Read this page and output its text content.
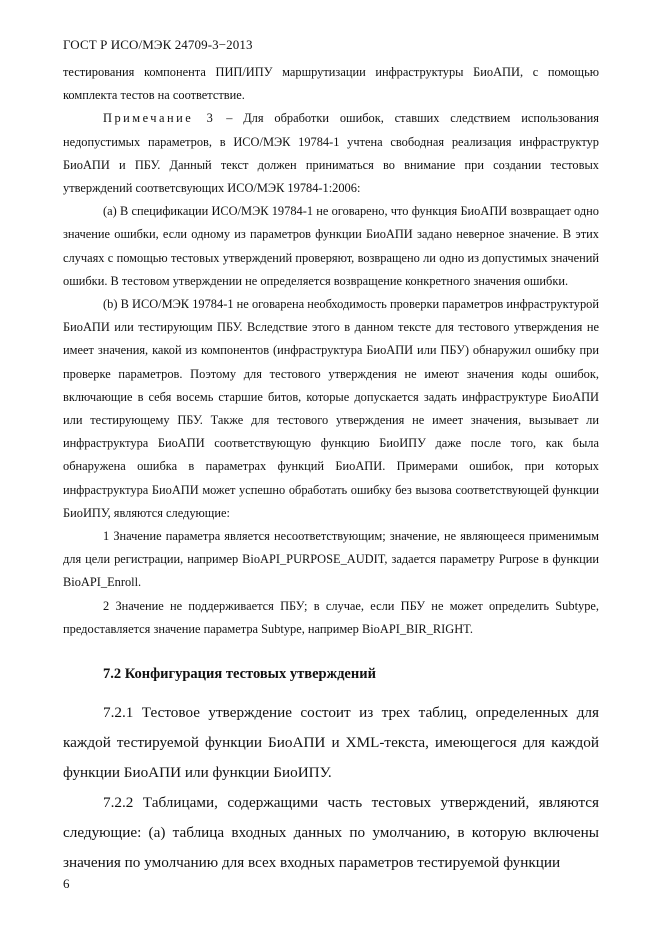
ГОСТ Р ИСО/МЭК 24709-3−2013

тестирования компонента ПИП/ИПУ маршрутизации инфраструктуры БиоАПИ, с помощью комплекта тестов на соответствие.

Примечание 3 – Для обработки ошибок, ставших следствием использования недопустимых параметров, в ИСО/МЭК 19784-1 учтена свободная реализация инфраструктур БиоАПИ и ПБУ. Данный текст должен приниматься во внимание при создании тестовых утверждений соответсвующих ИСО/МЭК 19784-1:2006:

(a) В спецификации ИСО/МЭК 19784-1 не оговарено, что функция БиоАПИ возвращает одно значение ошибки, если одному из параметров функции БиоАПИ задано неверное значение. В этих случаях с помощью тестовых утверждений проверяют, возвращено ли одно из допустимых значений ошибки. В тестовом утверждении не определяется возвращение конкретного значения ошибки.

(b) В ИСО/МЭК 19784-1 не оговарена необходимость проверки параметров инфраструктурой БиоАПИ или тестирующим ПБУ. Вследствие этого в данном тексте для тестового утверждения не имеет значения, какой из компонентов (инфраструктура БиоАПИ или ПБУ) обнаружил ошибку при проверке параметров. Поэтому для тестового утверждения не имеют значения коды ошибок, включающие в себя восемь старшие битов, которые допускается задать инфраструктуре БиоАПИ или тестирующему ПБУ. Также для тестового утверждения не имеет значения, вызывает ли инфраструктура БиоАПИ соответствующую функцию БиоИПУ даже после того, как была обнаружена ошибка в параметрах функций БиоАПИ. Примерами ошибок, при которых инфраструктура БиоАПИ может успешно обработать ошибку без вызова соответствующей функции БиоИПУ, являются следующие:

1 Значение параметра является несоответствующим; значение, не являющееся применимым для цели регистрации, например BioAPI_PURPOSE_AUDIT, задается параметру Purpose в функции BioAPI_Enroll.

2 Значение не поддерживается ПБУ; в случае, если ПБУ не может определить Subtype, предоставляется значение параметра Subtype, например BioAPI_BIR_RIGHT.

7.2 Конфигурация тестовых утверждений

7.2.1 Тестовое утверждение состоит из трех таблиц, определенных для каждой тестируемой функции БиоАПИ и XML-текста, имеющегося для каждой функции БиоАПИ или функции БиоИПУ.

7.2.2 Таблицами, содержащими часть тестовых утверждений, являются следующие: (a) таблица входных данных по умолчанию, в которую включены значения по умолчанию для всех входных параметров тестируемой функции

6
